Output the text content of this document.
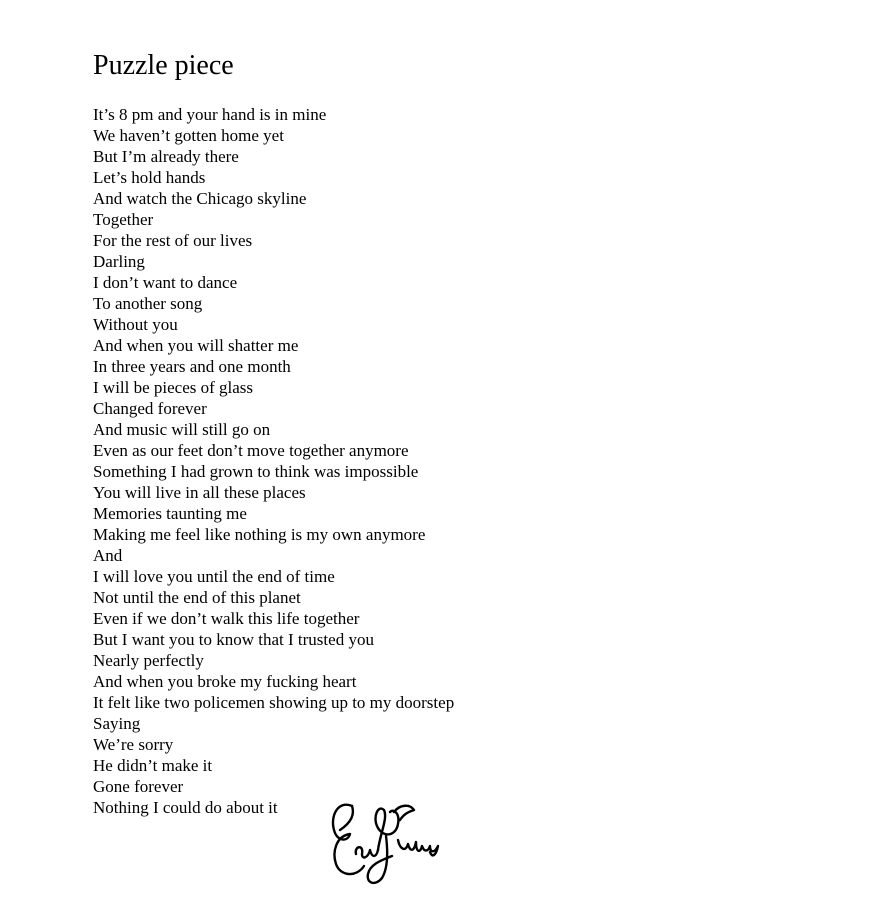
Puzzle piece
It’s 8 pm and your hand is in mine
We haven’t gotten home yet
But I’m already there
Let’s hold hands
And watch the Chicago skyline
Together
For the rest of our lives
Darling
I don’t want to dance
To another song
Without you
And when you will shatter me
In three years and one month
I will be pieces of glass
Changed forever
And music will still go on
Even as our feet don’t move together anymore
Something I had grown to think was impossible
You will live in all these places
Memories taunting me
Making me feel like nothing is my own anymore
And
I will love you until the end of time
Not until the end of this planet
Even if we don’t walk this life together
But I want you to know that I trusted you
Nearly perfectly
And when you broke my fucking heart
It felt like two policemen showing up to my doorstep
Saying
We’re sorry
He didn’t make it
Gone forever
Nothing I could do about it
